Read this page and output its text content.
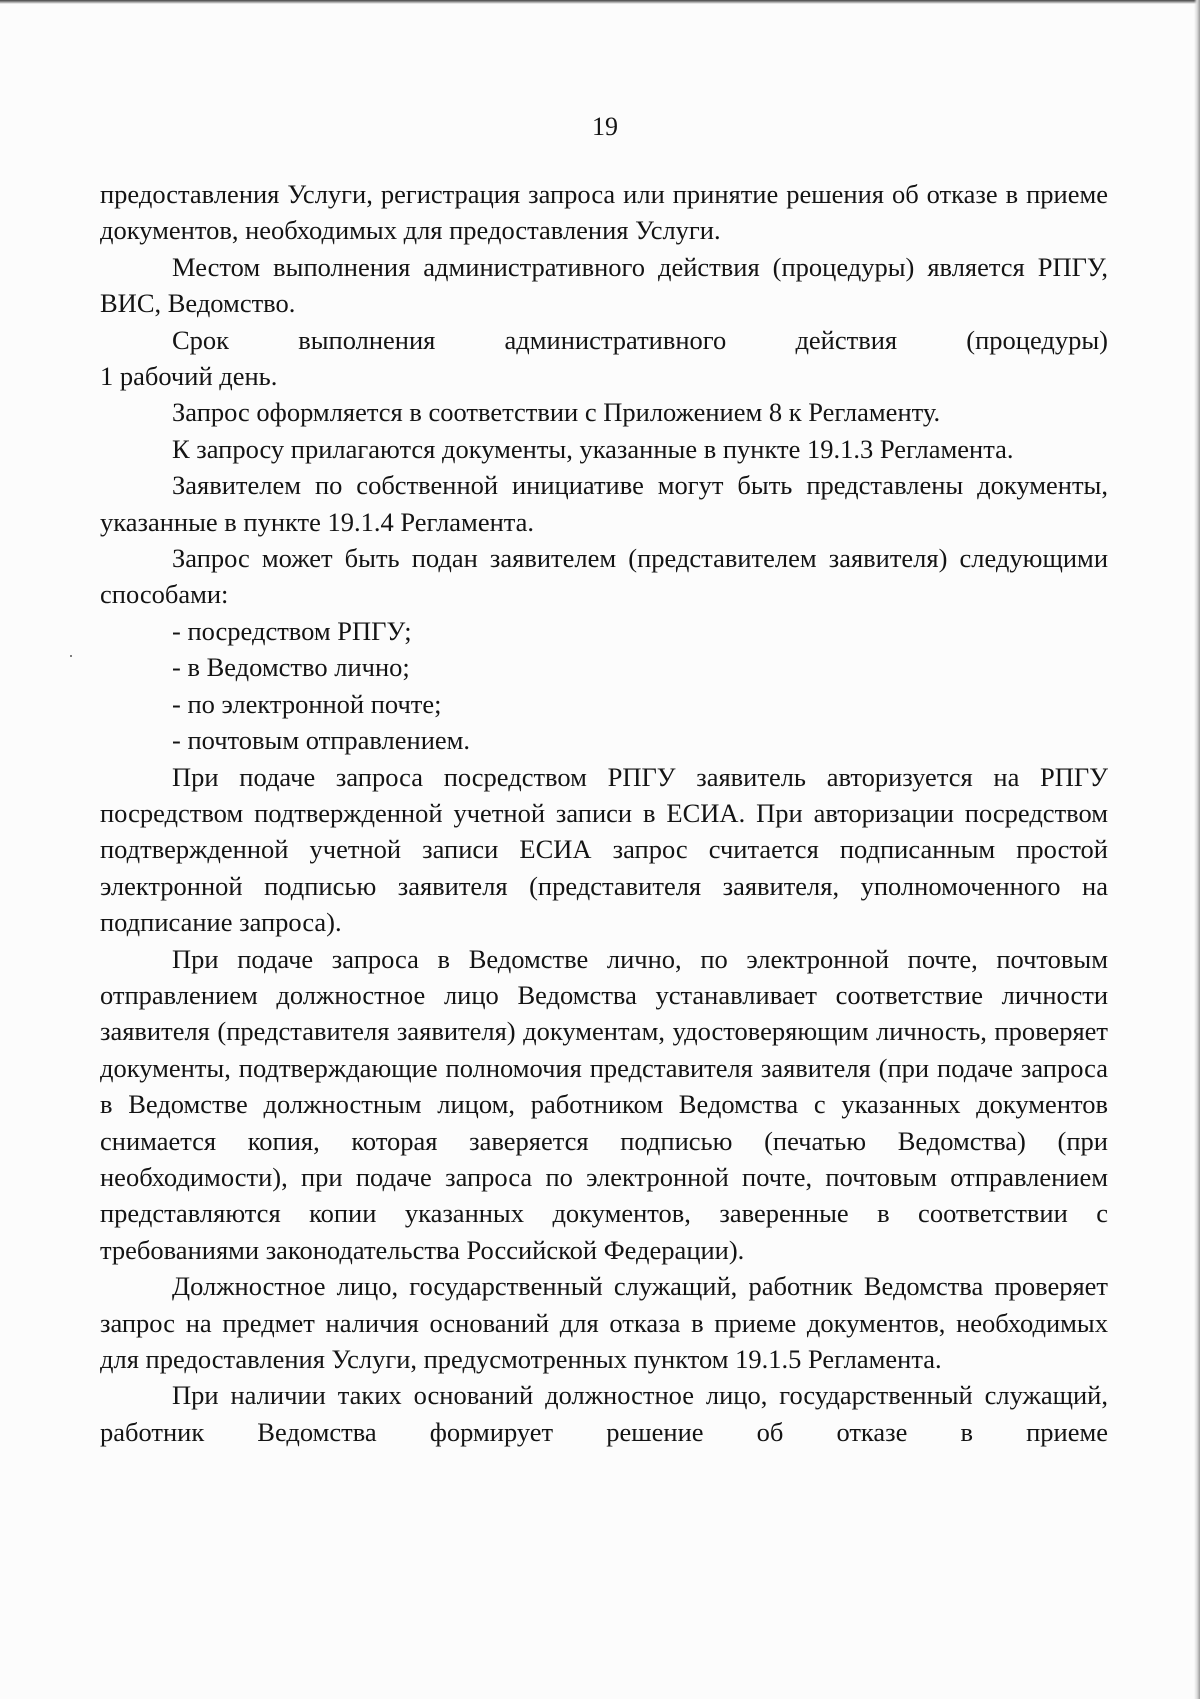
19

предоставления Услуги, регистрация запроса или принятие решения об отказе в приеме документов, необходимых для предоставления Услуги.

Местом выполнения административного действия (процедуры) является РПГУ, ВИС, Ведомство.

Срок выполнения административного действия (процедуры)

1 рабочий день.

Запрос оформляется в соответствии с Приложением 8 к Регламенту.

К запросу прилагаются документы, указанные в пункте 19.1.3 Регламента.

Заявителем по собственной инициативе могут быть представлены документы, указанные в пункте 19.1.4 Регламента.

Запрос может быть подан заявителем (представителем заявителя) следующими способами:

- посредством РПГУ;

- в Ведомство лично;

- по электронной почте;

- почтовым отправлением.

При подаче запроса посредством РПГУ заявитель авторизуется на РПГУ посредством подтвержденной учетной записи в ЕСИА. При авторизации посредством подтвержденной учетной записи ЕСИА запрос считается подписанным простой электронной подписью заявителя (представителя заявителя, уполномоченного на подписание запроса).

При подаче запроса в Ведомстве лично, по электронной почте, почтовым отправлением должностное лицо Ведомства устанавливает соответствие личности заявителя (представителя заявителя) документам, удостоверяющим личность, проверяет документы, подтверждающие полномочия представителя заявителя (при подаче запроса в Ведомстве должностным лицом, работником Ведомства с указанных документов снимается копия, которая заверяется подписью (печатью Ведомства) (при необходимости), при подаче запроса по электронной почте, почтовым отправлением представляются копии указанных документов, заверенные в соответствии с требованиями законодательства Российской Федерации).

Должностное лицо, государственный служащий, работник Ведомства проверяет запрос на предмет наличия оснований для отказа в приеме документов, необходимых для предоставления Услуги, предусмотренных пунктом 19.1.5 Регламента.

При наличии таких оснований должностное лицо, государственный служащий, работник Ведомства формирует решение об отказе в приеме
